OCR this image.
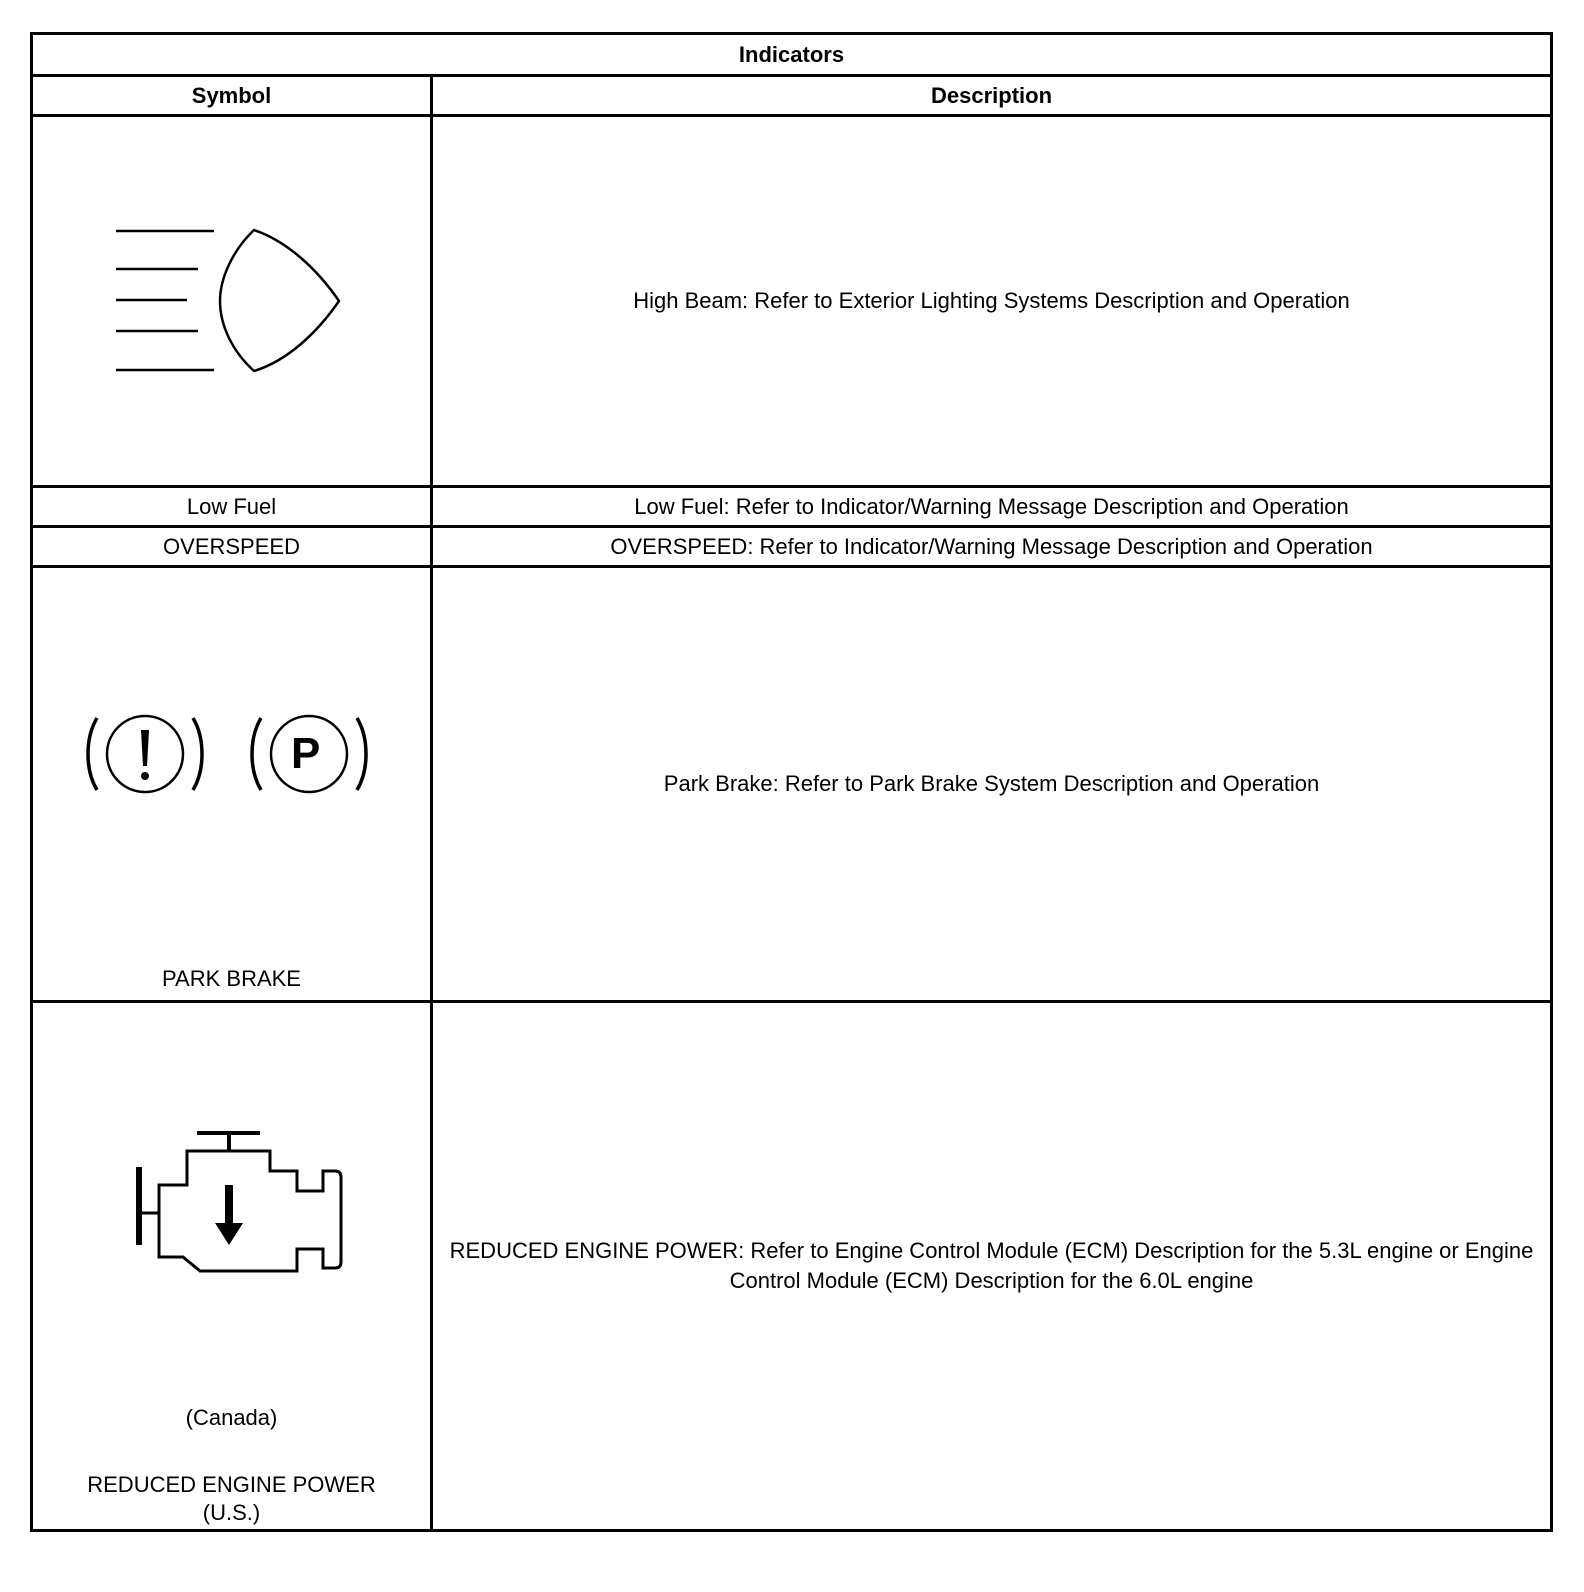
Indicators	
Symbol	Description

	High Beam: Refer to Exterior Lighting Systems Description and Operation
Low Fuel	Low Fuel: Refer to Indicator/Warning Message Description and Operation
OVERSPEED	OVERSPEED: Refer to Indicator/Warning Message Description and Operation

P
PARK BRAKE	Park Brake: Refer to Park Brake System Description and Operation

(Canada)
REDUCED ENGINE POWER
(U.S.)	REDUCED ENGINE POWER: Refer to Engine Control Module (ECM) Description for the 5.3L engine or Engine Control Module (ECM) Description for the 6.0L engine
